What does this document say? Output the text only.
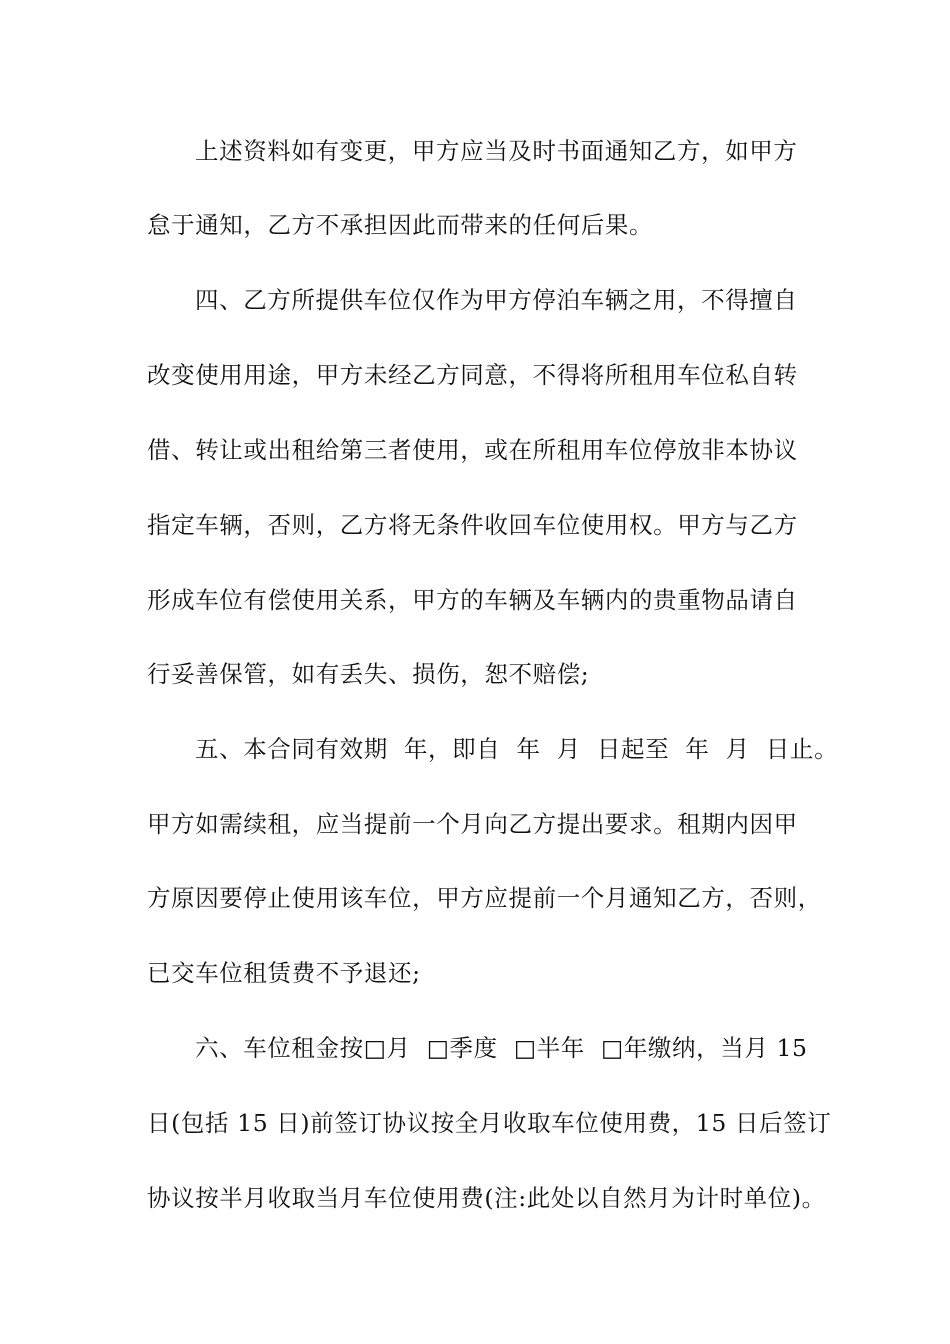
上述资料如有变更，甲方应当及时书面通知乙方，如甲方
怠于通知，乙方不承担因此而带来的任何后果。
四、乙方所提供车位仅作为甲方停泊车辆之用，不得擅自
改变使用用途，甲方未经乙方同意，不得将所租用车位私自转
借、转让或出租给第三者使用，或在所租用车位停放非本协议
指定车辆，否则，乙方将无条件收回车位使用权。甲方与乙方
形成车位有偿使用关系，甲方的车辆及车辆内的贵重物品请自
行妥善保管，如有丢失、损伤，恕不赔偿;
五、本合同有效期  年，即自  年  月  日起至  年  月  日止。
甲方如需续租，应当提前一个月向乙方提出要求。租期内因甲
方原因要停止使用该车位，甲方应提前一个月通知乙方，否则，
已交车位租赁费不予退还;
六、车位租金按□月  □季度  □半年  □年缴纳，当月 15
日(包括 15 日)前签订协议按全月收取车位使用费，15 日后签订
协议按半月收取当月车位使用费(注:此处以自然月为计时单位)。
